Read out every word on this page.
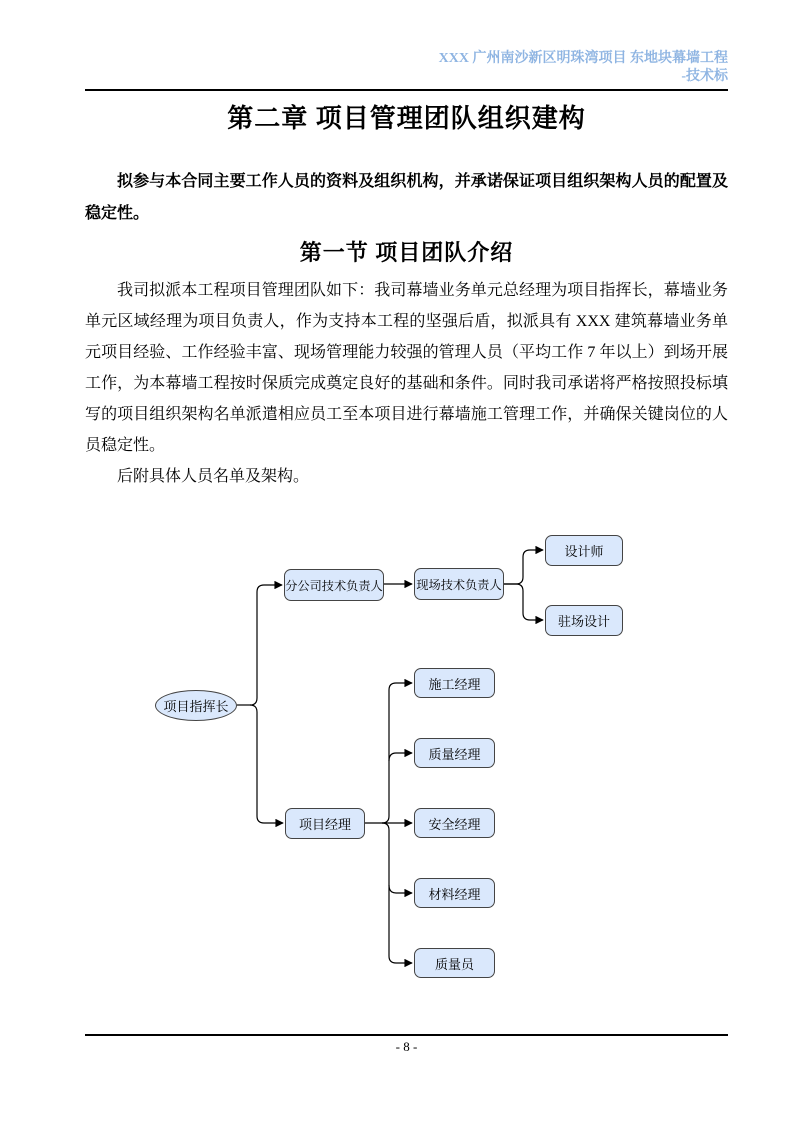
XXX 广州南沙新区明珠湾项目 东地块幕墙工程
-技术标
第二章 项目管理团队组织建构
拟参与本合同主要工作人员的资料及组织机构，并承诺保证项目组织架构人员的配置及稳定性。
第一节 项目团队介绍

我司拟派本工程项目管理团队如下：我司幕墙业务单元总经理为项目指挥长，幕墙业务单元区域经理为项目负责人，作为支持本工程的坚强后盾，拟派具有 XXX 建筑幕墙业务单元项目经验、工作经验丰富、现场管理能力较强的管理人员（平均工作 7 年以上）到场开展工作，为本幕墙工程按时保质完成奠定良好的基础和条件。同时我司承诺将严格按照投标填写的项目组织架构名单派遣相应员工至本项目进行幕墙施工管理工作，并确保关键岗位的人员稳定性。

后附具体人员名单及架构。

项目指挥长
分公司技术负责人	现场技术负责人
设计师
驻场设计
施工经理
质量经理
项目经理	安全经理
材料经理
质量员
- 8 -
